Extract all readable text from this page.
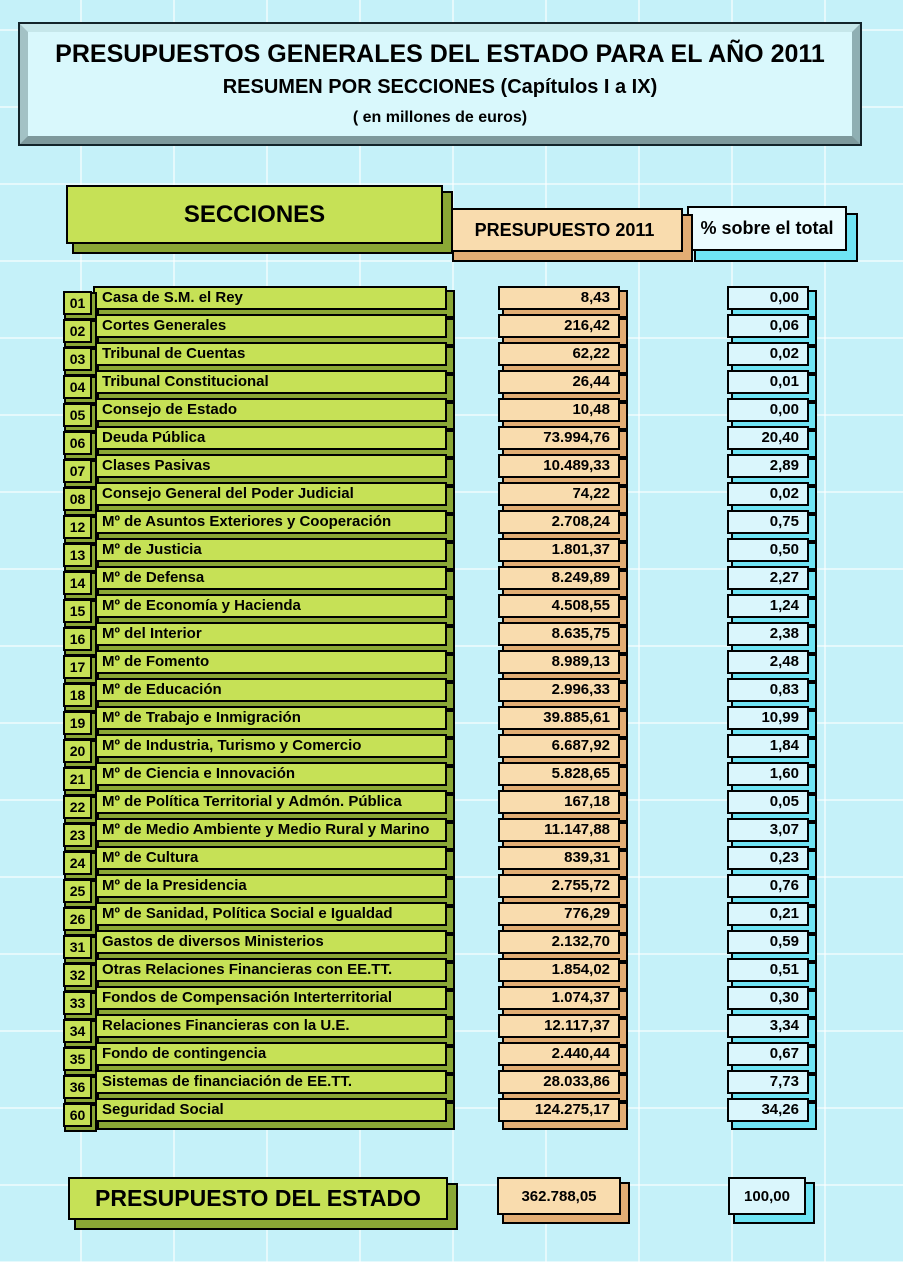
PRESUPUESTOS GENERALES DEL ESTADO PARA EL AÑO 2011
RESUMEN POR SECCIONES (Capítulos I a IX)
( en millones de euros)
SECCIONES
PRESUPUESTO 2011	% sobre el total
01	Casa de S.M. el Rey	8,43	0,00
02	Cortes Generales	216,42	0,06
03	Tribunal de Cuentas	62,22	0,02
04	Tribunal Constitucional	26,44	0,01
05	Consejo de Estado	10,48	0,00
06	Deuda Pública	73.994,76	20,40
07	Clases Pasivas	10.489,33	2,89
08	Consejo General del Poder Judicial	74,22	0,02
12	Mº de Asuntos Exteriores y Cooperación	2.708,24	0,75
13	Mº de Justicia	1.801,37	0,50
14	Mº de Defensa	8.249,89	2,27
15	Mº de Economía y Hacienda	4.508,55	1,24
16	Mº del Interior	8.635,75	2,38
17	Mº de Fomento	8.989,13	2,48
18	Mº de Educación	2.996,33	0,83
19	Mº de Trabajo e Inmigración	39.885,61	10,99
20	Mº de Industria, Turismo y Comercio	6.687,92	1,84
21	Mº de Ciencia e Innovación	5.828,65	1,60
22	Mº de Política Territorial y Admón. Pública	167,18	0,05
23	Mº de Medio Ambiente y Medio Rural y Marino	11.147,88	3,07
24	Mº de Cultura	839,31	0,23
25	Mº de la Presidencia	2.755,72	0,76
26	Mº de Sanidad, Política Social e Igualdad	776,29	0,21
31	Gastos de diversos Ministerios	2.132,70	0,59
32	Otras Relaciones Financieras con EE.TT.	1.854,02	0,51
33	Fondos de Compensación Interterritorial	1.074,37	0,30
34	Relaciones Financieras con la U.E.	12.117,37	3,34
35	Fondo de contingencia	2.440,44	0,67
36	Sistemas de financiación de EE.TT.	28.033,86	7,73
60	Seguridad Social	124.275,17	34,26
PRESUPUESTO DEL ESTADO	362.788,05	100,00
